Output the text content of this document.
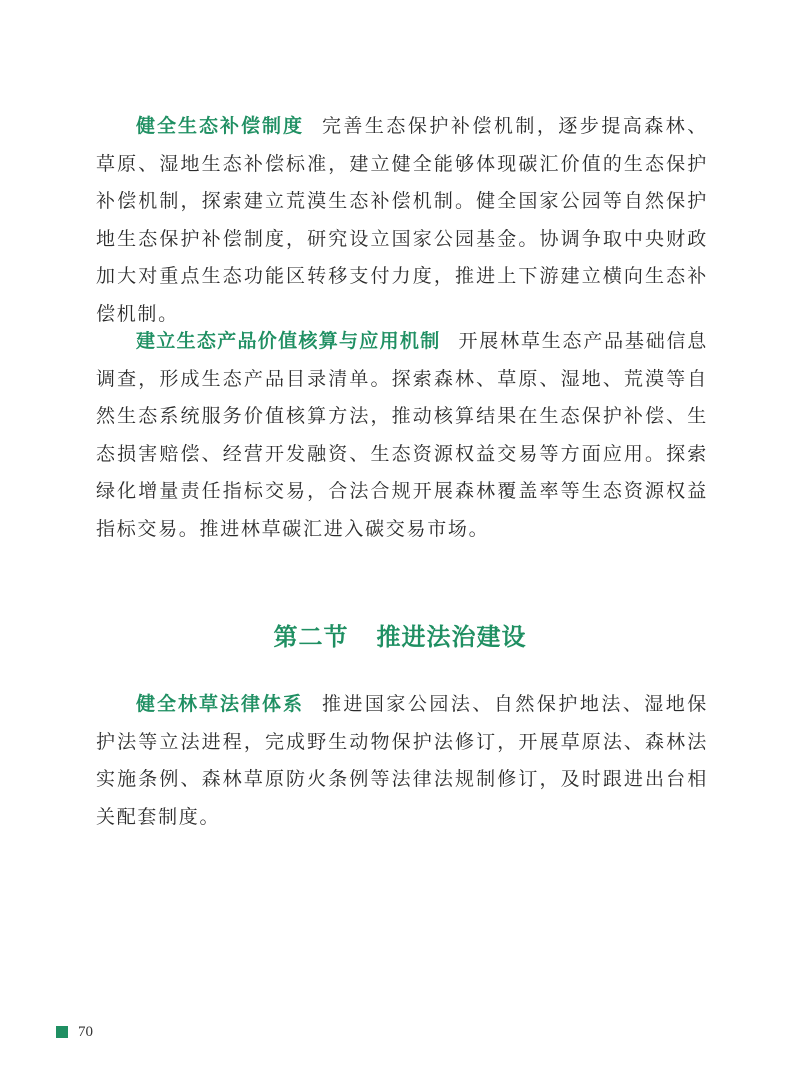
健全生态补偿制度 完善生态保护补偿机制，逐步提高森林、草原、湿地生态补偿标准，建立健全能够体现碳汇价值的生态保护补偿机制，探索建立荒漠生态补偿机制。健全国家公园等自然保护地生态保护补偿制度，研究设立国家公园基金。协调争取中央财政加大对重点生态功能区转移支付力度，推进上下游建立横向生态补偿机制。

建立生态产品价值核算与应用机制 开展林草生态产品基础信息调查，形成生态产品目录清单。探索森林、草原、湿地、荒漠等自然生态系统服务价值核算方法，推动核算结果在生态保护补偿、生态损害赔偿、经营开发融资、生态资源权益交易等方面应用。探索绿化增量责任指标交易，合法合规开展森林覆盖率等生态资源权益指标交易。推进林草碳汇进入碳交易市场。

第二节 推进法治建设

健全林草法律体系 推进国家公园法、自然保护地法、湿地保护法等立法进程，完成野生动物保护法修订，开展草原法、森林法实施条例、森林草原防火条例等法律法规制修订，及时跟进出台相关配套制度。

70
